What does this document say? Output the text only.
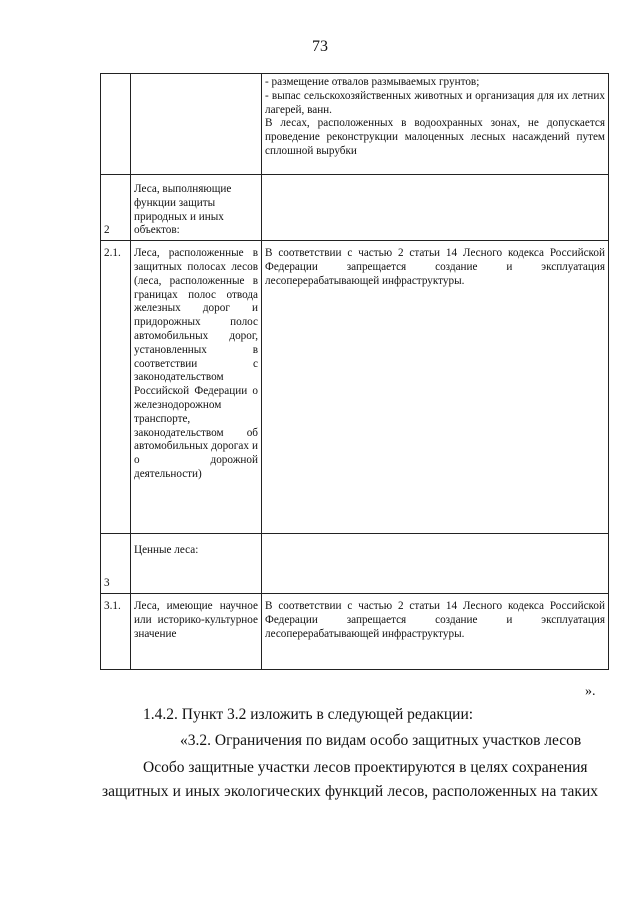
73

		- размещение отвалов размываемых грунтов;
- выпас сельскохозяйственных животных и организация для их летних лагерей, ванн.
В лесах, расположенных в водоохранных зонах, не допускается проведение реконструкции малоценных лесных насаждений путем сплошной вырубки

2	Леса, выполняющие функции защиты природных и иных объектов:	
2.1.	Леса, расположенные в защитных полосах лесов (леса, расположенные в границах полос отвода железных дорог и придорожных полос автомобильных дорог, установленных в соответствии с законодательством Российской Федерации о железнодорожном транспорте, законодательством об автомобильных дорогах и о дорожной деятельности)	В соответствии с частью 2 статьи 14 Лесного кодекса Российской Федерации запрещается создание и эксплуатация лесоперерабатывающей инфраструктуры.

3	Ценные леса:	
3.1.	Леса, имеющие научное или историко-культурное значение	В соответствии с частью 2 статьи 14 Лесного кодекса Российской Федерации запрещается создание и эксплуатация лесоперерабатывающей инфраструктуры.
».
1.4.2. Пункт 3.2 изложить в следующей редакции:
«3.2. Ограничения по видам особо защитных участков лесов
Особо защитные участки лесов проектируются в целях сохранения
защитных и иных экологических функций лесов, расположенных на таких
